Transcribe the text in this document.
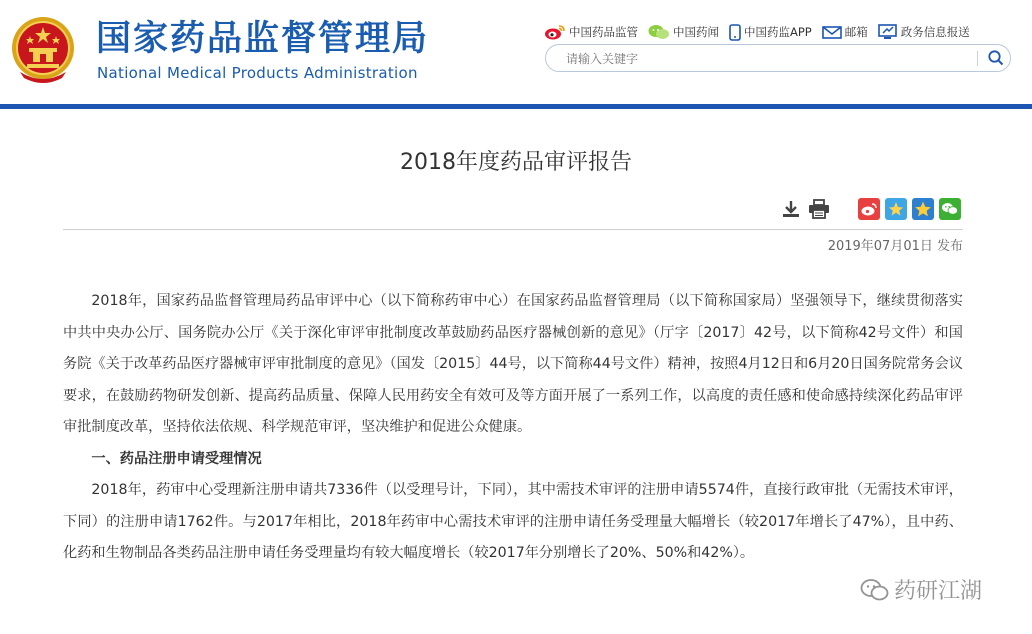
国家药品监督管理局
National Medical Products Administration
中国药品监管	中国药闻 中国药监APP	邮箱	政务信息报送
请输入关键字
2018年度药品审评报告
2019年07月01日 发布

2018年，国家药品监督管理局药品审评中心（以下简称药审中心）在国家药品监督管理局（以下简称国家局）坚强领导下，继续贯彻落实中共中央办公厅、国务院办公厅《关于深化审评审批制度改革鼓励药品医疗器械创新的意见》（厅字〔2017〕42号，以下简称42号文件）和国务院《关于改革药品医疗器械审评审批制度的意见》（国发〔2015〕44号，以下简称44号文件）精神，按照4月12日和6月20日国务院常务会议要求，在鼓励药物研发创新、提高药品质量、保障人民用药安全有效可及等方面开展了一系列工作，以高度的责任感和使命感持续深化药品审评审批制度改革，坚持依法依规、科学规范审评，坚决维护和促进公众健康。

一、药品注册申请受理情况

2018年，药审中心受理新注册申请共7336件（以受理号计，下同），其中需技术审评的注册申请5574件，直接行政审批（无需技术审评，下同）的注册申请1762件。与2017年相比，2018年药审中心需技术审评的注册申请任务受理量大幅增长（较2017年增长了47%），且中药、化药和生物制品各类药品注册申请任务受理量均有较大幅度增长（较2017年分别增长了20%、50%和42%）。

药研江湖
